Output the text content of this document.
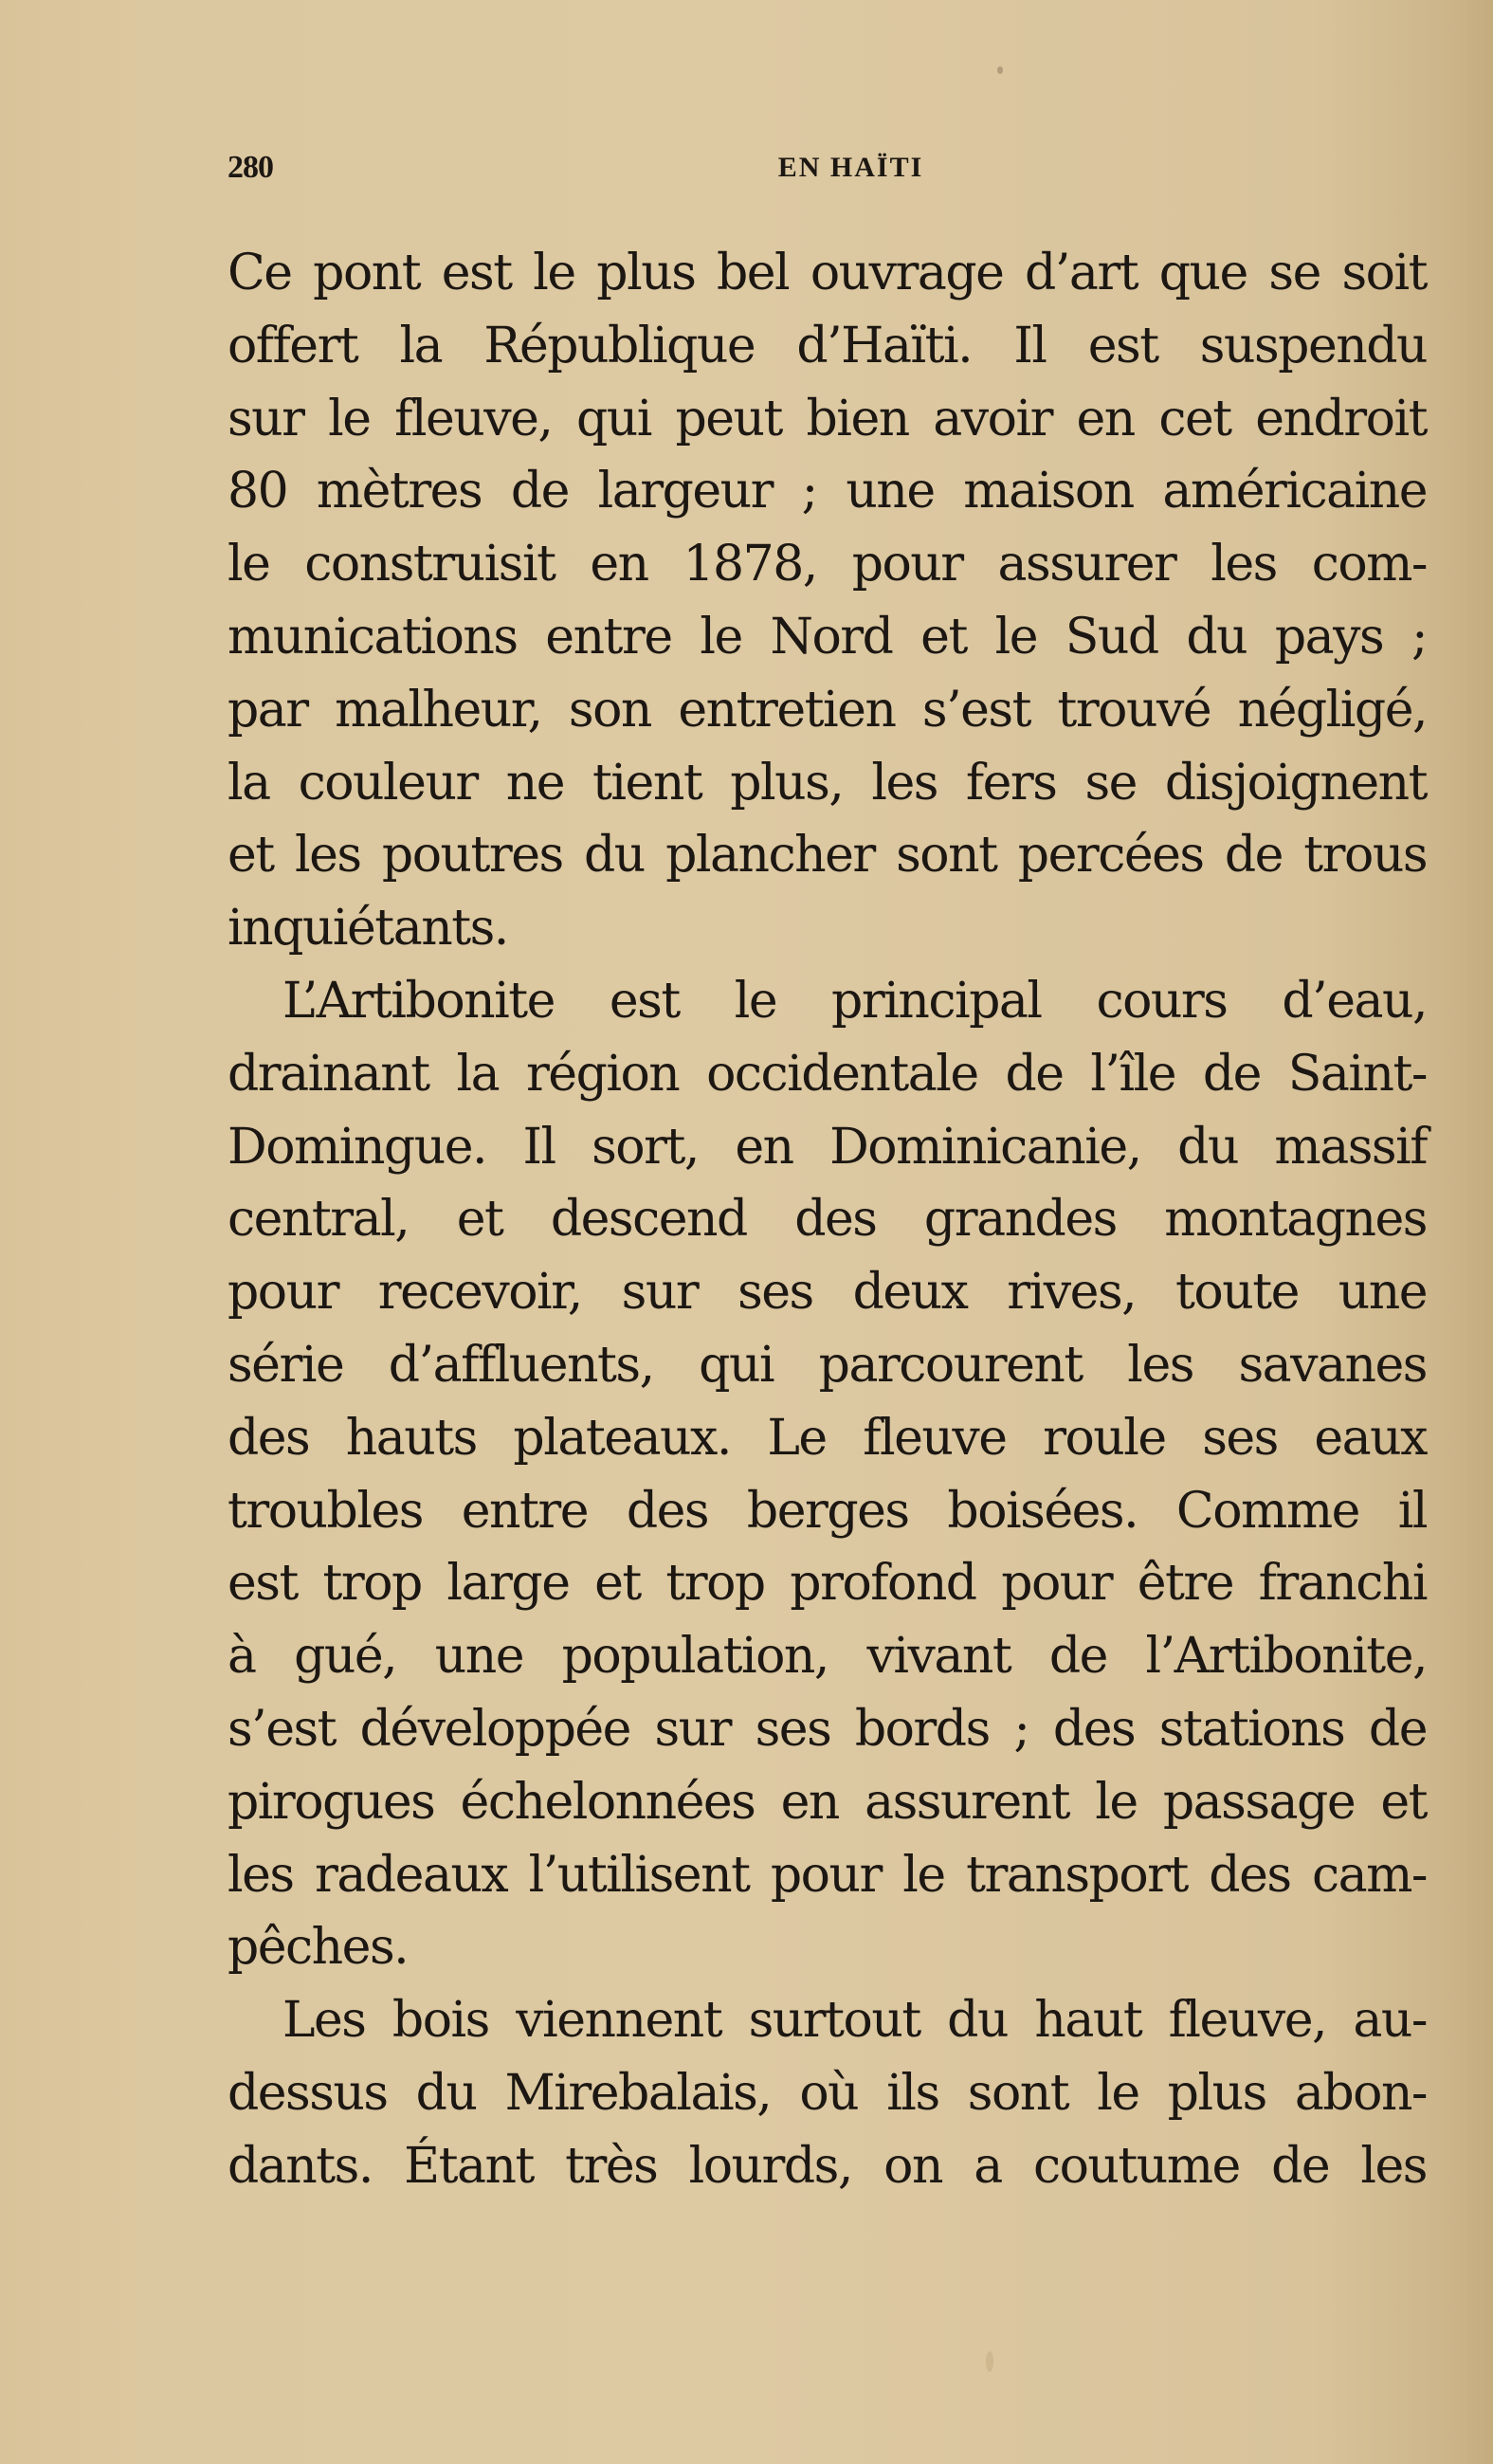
280	EN HAÏTI
Ce pont est le plus bel ouvrage d’art que se soit
offert la République d’Haïti. Il est suspendu
sur le fleuve, qui peut bien avoir en cet endroit
80 mètres de largeur ; une maison américaine
le construisit en 1878, pour assurer les com-
munications entre le Nord et le Sud du pays ;
par malheur, son entretien s’est trouvé négligé,
la couleur ne tient plus, les fers se disjoignent
et les poutres du plancher sont percées de trous
inquiétants.
L’Artibonite est le principal cours d’eau,
drainant la région occidentale de l’île de Saint-
Domingue. Il sort, en Dominicanie, du massif
central, et descend des grandes montagnes
pour recevoir, sur ses deux rives, toute une
série d’affluents, qui parcourent les savanes
des hauts plateaux. Le fleuve roule ses eaux
troubles entre des berges boisées. Comme il
est trop large et trop profond pour être franchi
à gué, une population, vivant de l’Artibonite,
s’est développée sur ses bords ; des stations de
pirogues échelonnées en assurent le passage et
les radeaux l’utilisent pour le transport des cam-
pêches.
Les bois viennent surtout du haut fleuve, au-
dessus du Mirebalais, où ils sont le plus abon-
dants. Étant très lourds, on a coutume de les
